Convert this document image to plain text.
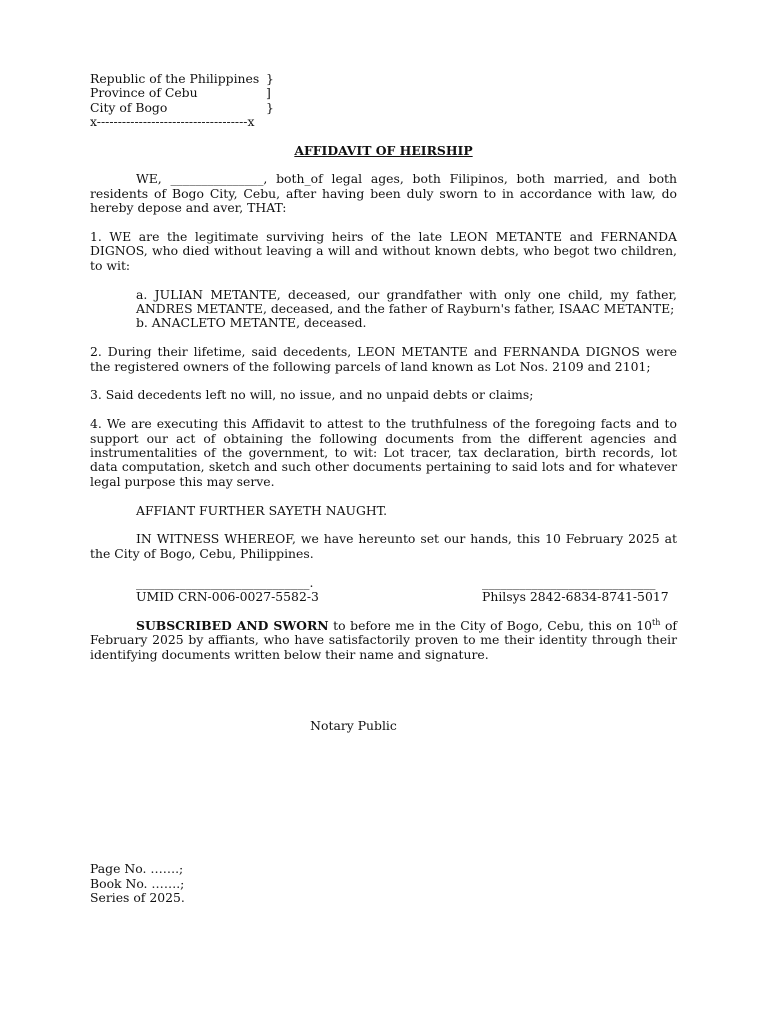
Republic of the Philippines }
Province of Cebu	]
City of Bogo	}
x------------------------------------x

AFFIDAVIT OF HEIRSHIP

WE, _______________, both_of legal ages, both Filipinos, both married, and both residents of Bogo City, Cebu, after having been duly sworn to in accordance with law, do hereby depose and aver, THAT:

1. WE are the legitimate surviving heirs of the late LEON METANTE and FERNANDA DIGNOS, who died without leaving a will and without known debts, who begot two children, to wit:

a. JULIAN METANTE, deceased, our grandfather with only one child, my father, ANDRES METANTE, deceased, and the father of Rayburn's father, ISAAC METANTE;

b. ANACLETO METANTE, deceased.

2. During their lifetime, said decedents, LEON METANTE and FERNANDA DIGNOS were the registered owners of the following parcels of land known as Lot Nos. 2109 and 2101;

3. Said decedents left no will, no issue, and no unpaid debts or claims;

4. We are executing this Affidavit to attest to the truthfulness of the foregoing facts and to support our act of obtaining the following documents from the different agencies and instrumentalities of the government, to wit: Lot tracer, tax declaration, birth records, lot data computation, sketch and such other documents pertaining to said lots and for whatever legal purpose this may serve.

AFFIANT FURTHER SAYETH NAUGHT.

IN WITNESS WHEREOF, we have hereunto set our hands, this 10 February 2025 at the City of Bogo, Cebu, Philippines.

____________________________.
UMID CRN-006-0027-5582-3
____________________________
Philsys 2842-6834-8741-5017

SUBSCRIBED AND SWORN to before me in the City of Bogo, Cebu, this on 10th of February 2025 by affiants, who have satisfactorily proven to me their identity through their identifying documents written below their name and signature.

Notary Public

Page No. …….;
Book No. …….;
Series of 2025.
